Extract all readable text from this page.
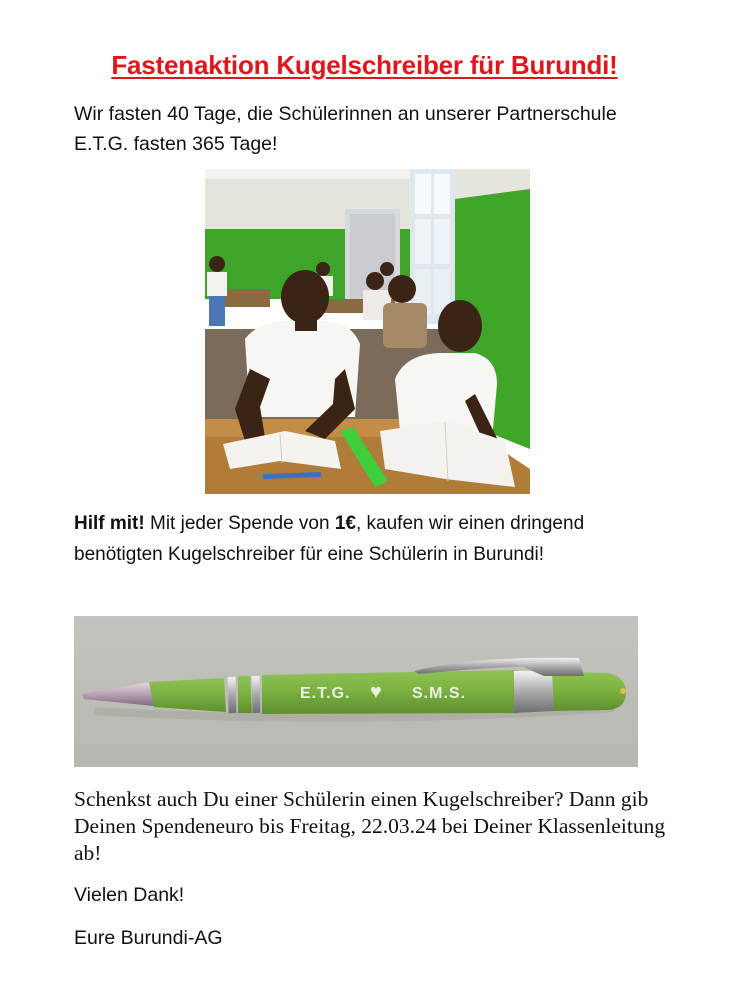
Fastenaktion Kugelschreiber für Burundi!
Wir fasten 40 Tage, die Schülerinnen an unserer Partnerschule
E.T.G. fasten 365 Tage!
Hilf mit! Mit jeder Spende von 1€, kaufen wir einen dringend
benötigten Kugelschreiber für eine Schülerin in Burundi!
E.T.G. ♥ S.M.S.
Schenkst auch Du einer Schülerin einen Kugelschreiber? Dann gib Deinen Spendeneuro bis Freitag, 22.03.24 bei Deiner Klassenleitung ab!
Vielen Dank!
Eure Burundi-AG
